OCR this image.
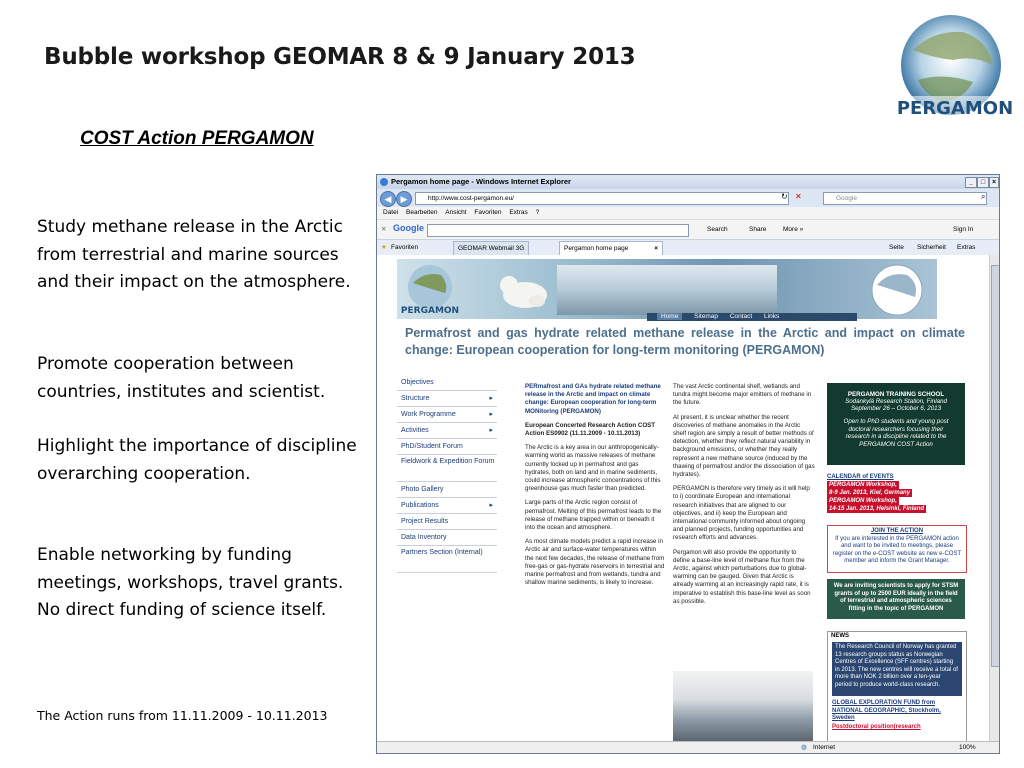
Bubble workshop GEOMAR 8 & 9 January 2013
PERGAMON
COST Action PERGAMON
Study methane release in the Arctic from terrestrial and marine sources and their impact on the atmosphere.
Promote cooperation between countries, institutes and scientist.
Highlight the importance of discipline overarching cooperation.
Enable networking by funding meetings, workshops, travel grants. No direct funding of science itself.
The Action runs from 11.11.2009 - 10.11.2013
Pergamon home page - Windows Internet Explorer	_	□ ×
◀	▶	http://www.cost-pergamon.eu/	↻ ✕	Google	⌕
Datei Bearbeiten Ansicht Favoriten Extras ?
✕ Google	Search	Share	More »	Sign In
★ Favoriten	GEOMAR Webmail 3G	Pergamon home page	×	Seite Sicherheit Extras
PERGAMON
Home Sitemap Contact Links
Permafrost and gas hydrate related methane release in the Arctic and impact on climate change: European cooperation for long-term monitoring (PERGAMON)
Objectives
Structure	▸
Work Programme	▸
Activities	▸
PhD/Student Forum
Fieldwork & Expedition Forum
Photo Gallery
Publications	▸
Project Results
Data Inventory
Partners Section (Internal)

PERmafrost and GAs hydrate related methane release in the Arctic and impact on climate change: European cooperation for long-term MONitoring (PERGAMON)

European Concerted Research Action COST Action ES0902 (11.11.2009 - 10.11.2013)

The Arctic is a key area in our anthropogenically-warming world as massive releases of methane currently locked up in permafrost and gas hydrates, both on land and in marine sediments, could increase atmospheric concentrations of this greenhouse gas much faster than predicted.

Large parts of the Arctic region consist of permafrost. Melting of this permafrost leads to the release of methane trapped within or beneath it into the ocean and atmosphere.

As most climate models predict a rapid increase in Arctic air and surface-water temperatures within the next few decades, the release of methane from free-gas or gas-hydrate reservoirs in terrestrial and marine permafrost and from wetlands, tundra and shallow marine sediments, is likely to increase.

The vast Arctic continental shelf, wetlands and tundra might become major emitters of methane in the future.

At present, it is unclear whether the recent discoveries of methane anomalies in the Arctic shelf region are simply a result of better methods of detection, whether they reflect natural variability in background emissions, or whether they really represent a new methane source (induced by the thawing of permafrost and/or the dissociation of gas hydrates).

PERGAMON is therefore very timely as it will help to i) coordinate European and international research initiatives that are aligned to our objectives, and ii) keep the European and international community informed about ongoing and planned projects, funding opportunities and research efforts and advances.

Pergamon will also provide the opportunity to define a base-line level of methane flux from the Arctic, against which perturbations due to global-warming can be gauged. Given that Arctic is already warming at an increasingly rapid rate, it is imperative to establish this base-line level as soon as possible.

PERGAMON TRAINING SCHOOL
Sodankylä Research Station, Finland
September 26 – October 6, 2013
Open to PhD students and young post doctoral researchers focusing their research in a discipline related to the PERGAMON COST Action
CALENDAR of EVENTS
PERGAMON Workshop,
8-9 Jan. 2013, Kiel, Germany
PERGAMON Workshop,
14-15 Jan. 2013, Helsinki, Finland
JOIN THE ACTION
If you are interested in the PERGAMON action and want to be invited to meetings, please register on the e-COST website as new e-COST member and inform the Grant Manager.
We are inviting scientists to apply for STSM grants of up to 2500 EUR ideally in the field of terrestrial and atmospheric sciences fitting in the topic of PERGAMON
NEWS
The Research Council of Norway has granted 13 research groups status as Norwegian Centres of Excellence (SFF centres) starting in 2013. The new centres will receive a total of more than NOK 2 billion over a ten-year period to produce world-class research.
GLOBAL EXPLORATION FUND from NATIONAL GEOGRAPHIC, Stockholm, Sweden
Postdoctoral position(research
◍ Internet	100%
